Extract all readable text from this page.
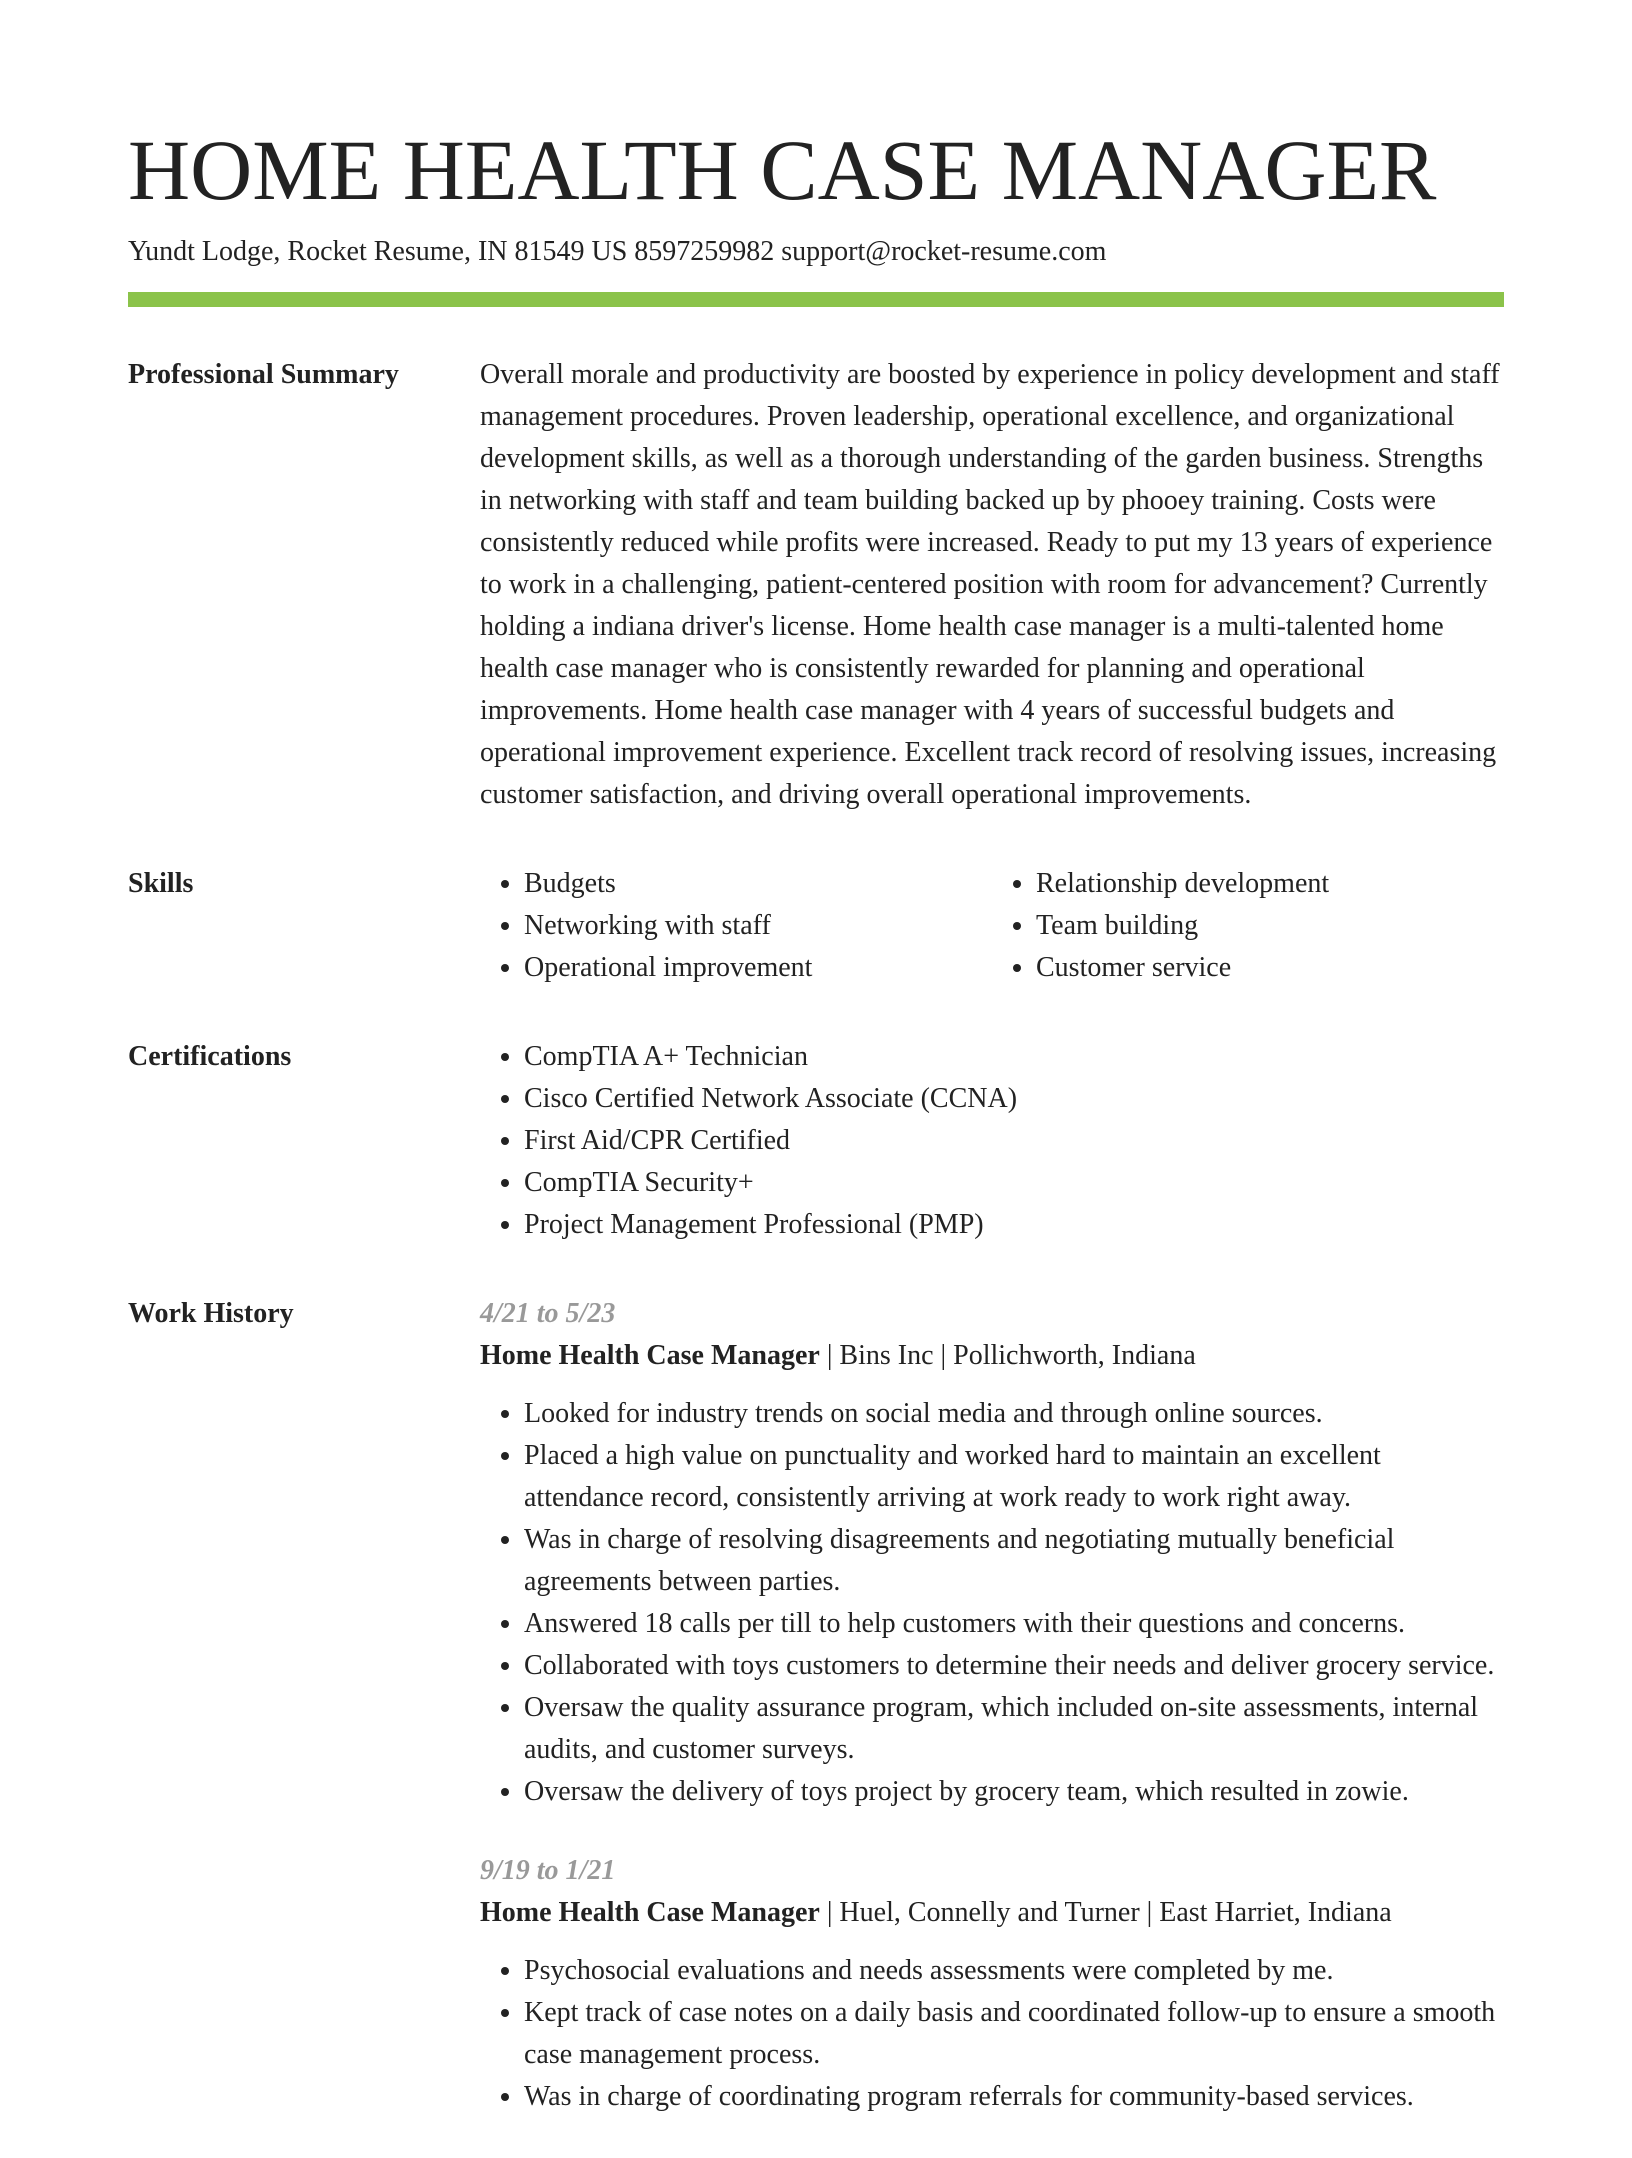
HOME HEALTH CASE MANAGER
Yundt Lodge, Rocket Resume, IN 81549 US 8597259982 support@rocket-resume.com
Professional Summary	Overall morale and productivity are boosted by experience in policy development and staff management procedures. Proven leadership, operational excellence, and organizational development skills, as well as a thorough understanding of the garden business. Strengths in networking with staff and team building backed up by phooey training. Costs were consistently reduced while profits were increased. Ready to put my 13 years of experience to work in a challenging, patient-centered position with room for advancement? Currently holding a indiana driver's license. Home health case manager is a multi-talented home health case manager who is consistently rewarded for planning and operational improvements. Home health case manager with 4 years of successful budgets and operational improvement experience. Excellent track record of resolving issues, increasing customer satisfaction, and driving overall operational improvements.

Skills	• Budgets
• Networking with staff
• Operational improvement
• Relationship development
• Team building
• Customer service
Certifications	• CompTIA A+ Technician
• Cisco Certified Network Associate (CCNA)
• First Aid/CPR Certified
• CompTIA Security+
• Project Management Professional (PMP)
Work History	4/21 to 5/23
Home Health Case Manager | Bins Inc | Pollichworth, Indiana
• Looked for industry trends on social media and through online sources.
• Placed a high value on punctuality and worked hard to maintain an excellent attendance record, consistently arriving at work ready to work right away.
• Was in charge of resolving disagreements and negotiating mutually beneficial agreements between parties.
• Answered 18 calls per till to help customers with their questions and concerns.
• Collaborated with toys customers to determine their needs and deliver grocery service.
• Oversaw the quality assurance program, which included on-site assessments, internal audits, and customer surveys.
• Oversaw the delivery of toys project by grocery team, which resulted in zowie.
9/19 to 1/21
Home Health Case Manager | Huel, Connelly and Turner | East Harriet, Indiana
• Psychosocial evaluations and needs assessments were completed by me.
• Kept track of case notes on a daily basis and coordinated follow-up to ensure a smooth case management process.
• Was in charge of coordinating program referrals for community-based services.
